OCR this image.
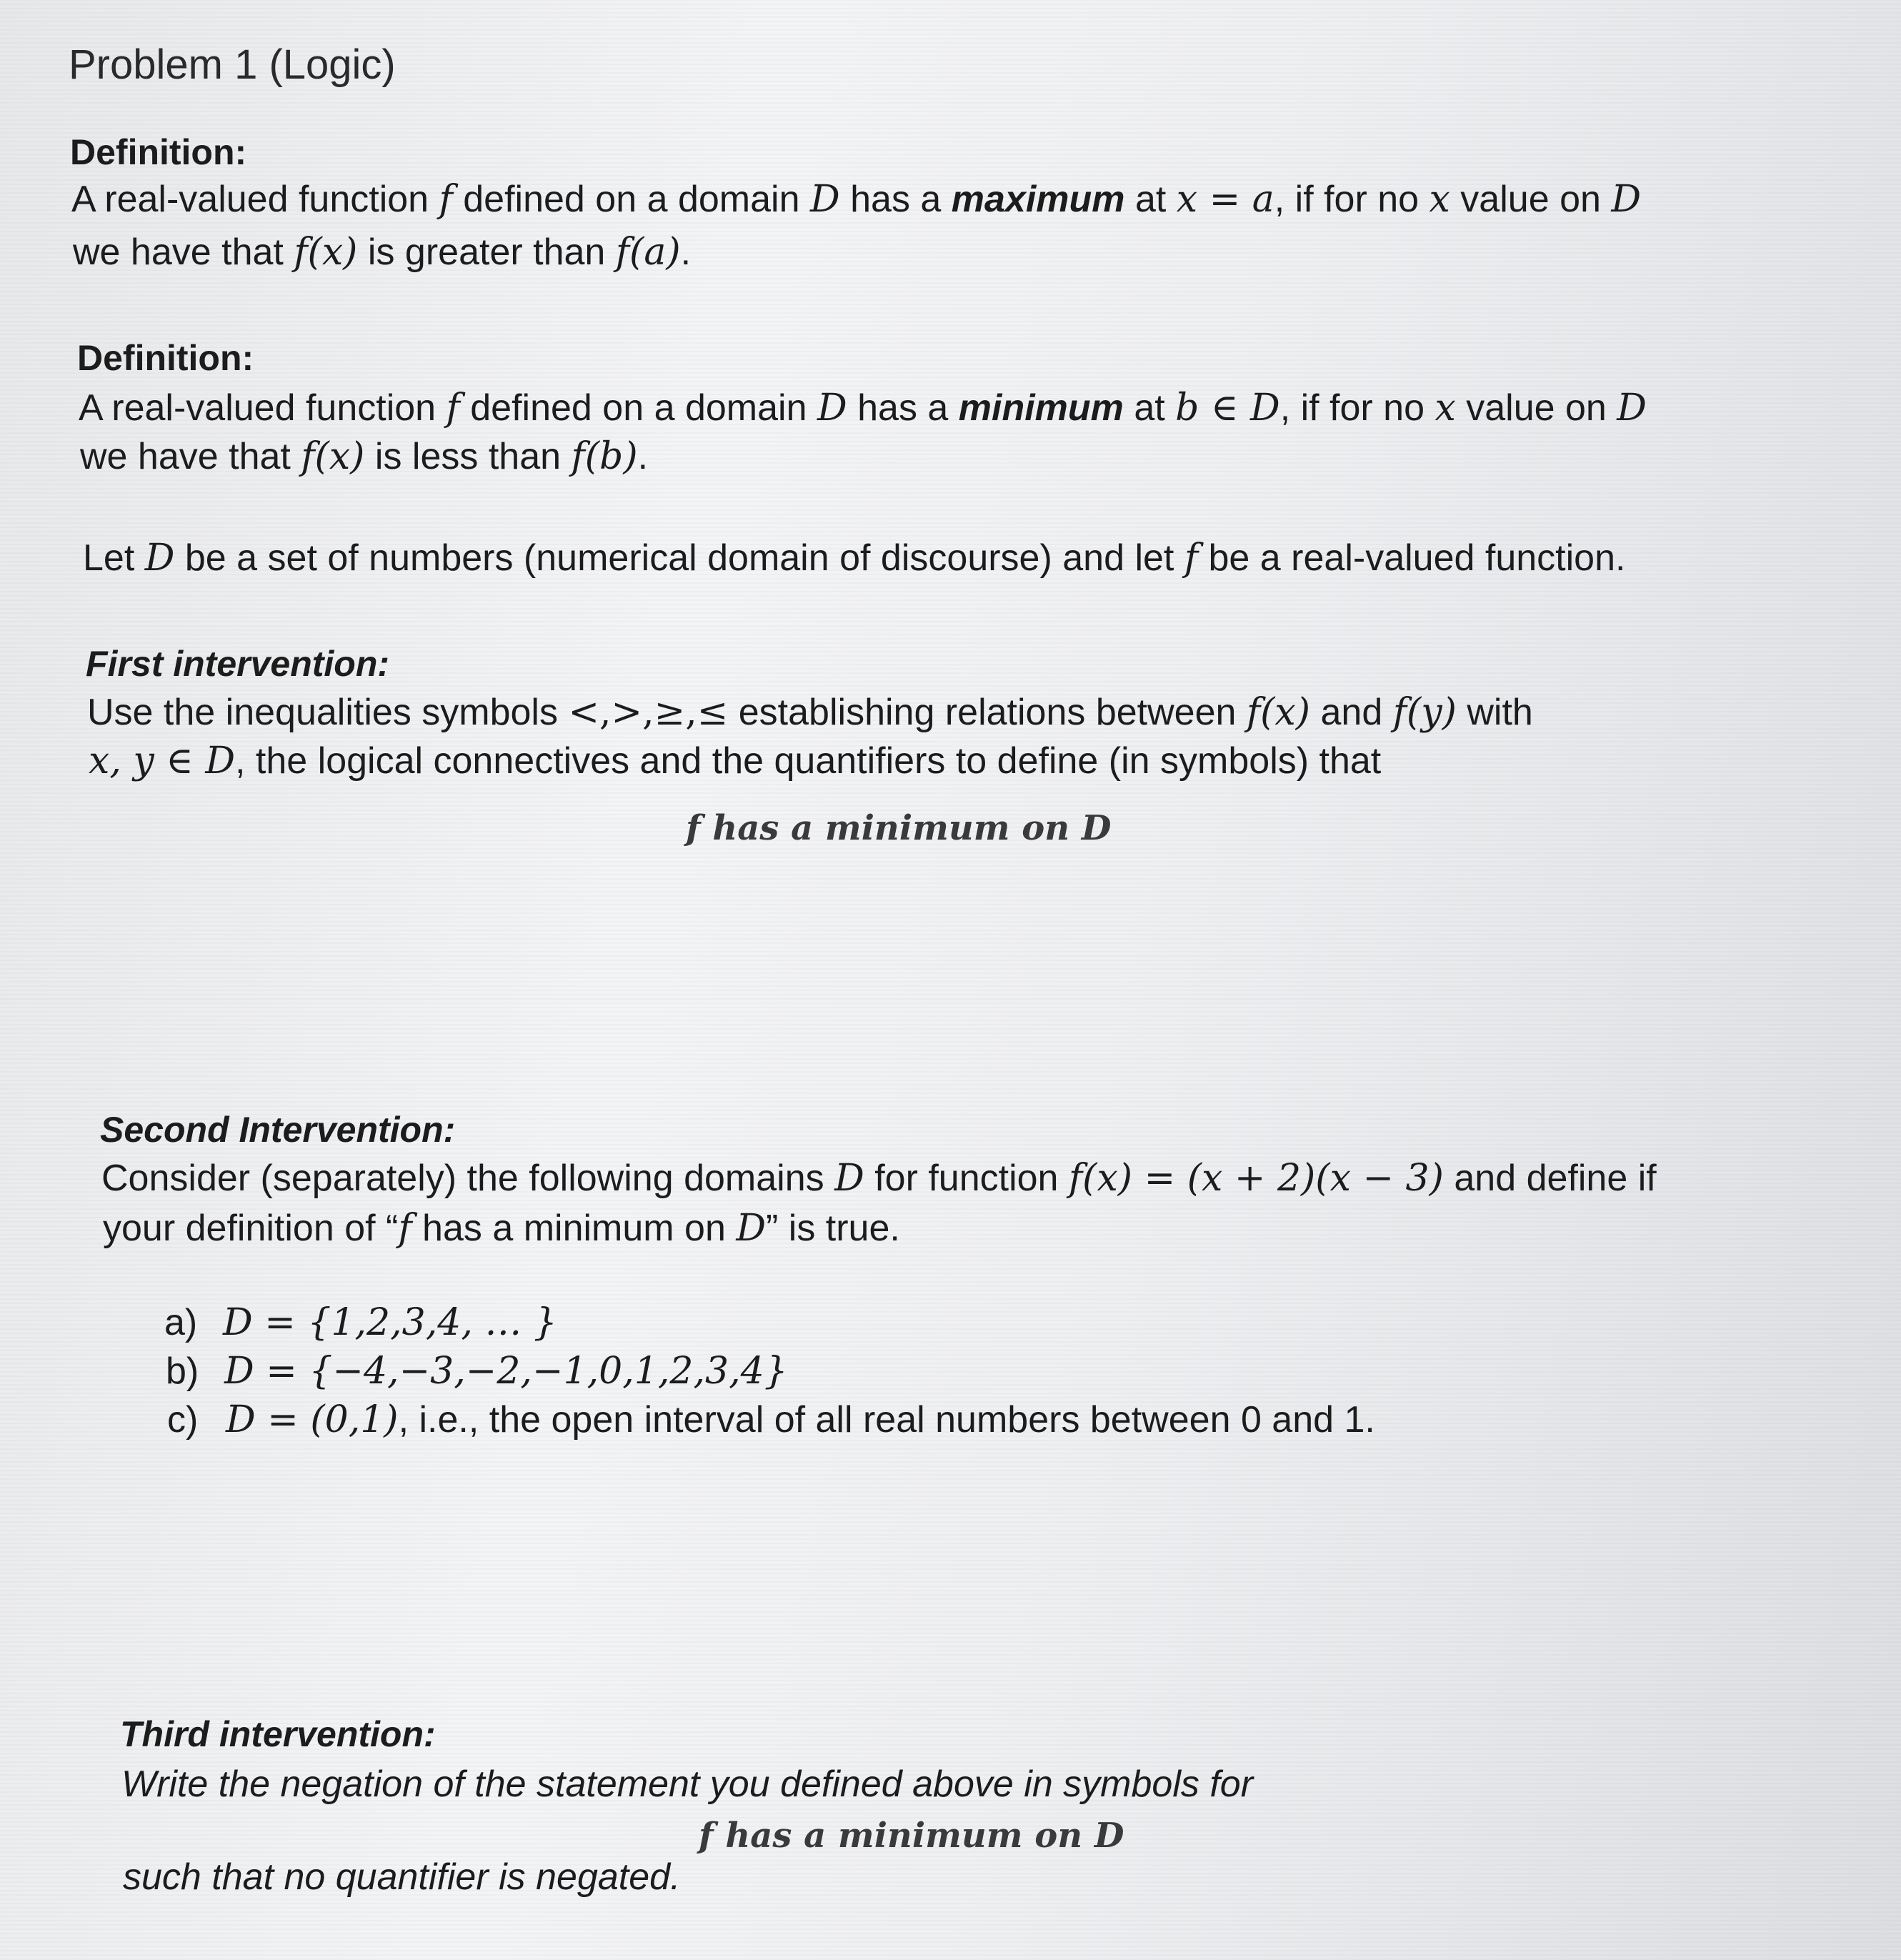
Problem 1 (Logic)
Definition:
A real-valued function f defined on a domain D has a maximum at x = a, if for no x value on D
we have that f(x) is greater than f(a).
Definition:
A real-valued function f defined on a domain D has a minimum at b ∈ D, if for no x value on D
we have that f(x) is less than f(b).
Let D be a set of numbers (numerical domain of discourse) and let f be a real-valued function.
First intervention:
Use the inequalities symbols <,>,≥,≤ establishing relations between f(x) and f(y) with
x, y ∈ D, the logical connectives and the quantifiers to define (in symbols) that
f has a minimum on D
Second Intervention:
Consider (separately) the following domains D for function f(x) = (x + 2)(x − 3) and define if
your definition of “f has a minimum on D” is true.
a) D = {1,2,3,4, … }
b) D = {−4,−3,−2,−1,0,1,2,3,4}
c) D = (0,1), i.e., the open interval of all real numbers between 0 and 1.
Third intervention:
Write the negation of the statement you defined above in symbols for
f has a minimum on D
such that no quantifier is negated.
